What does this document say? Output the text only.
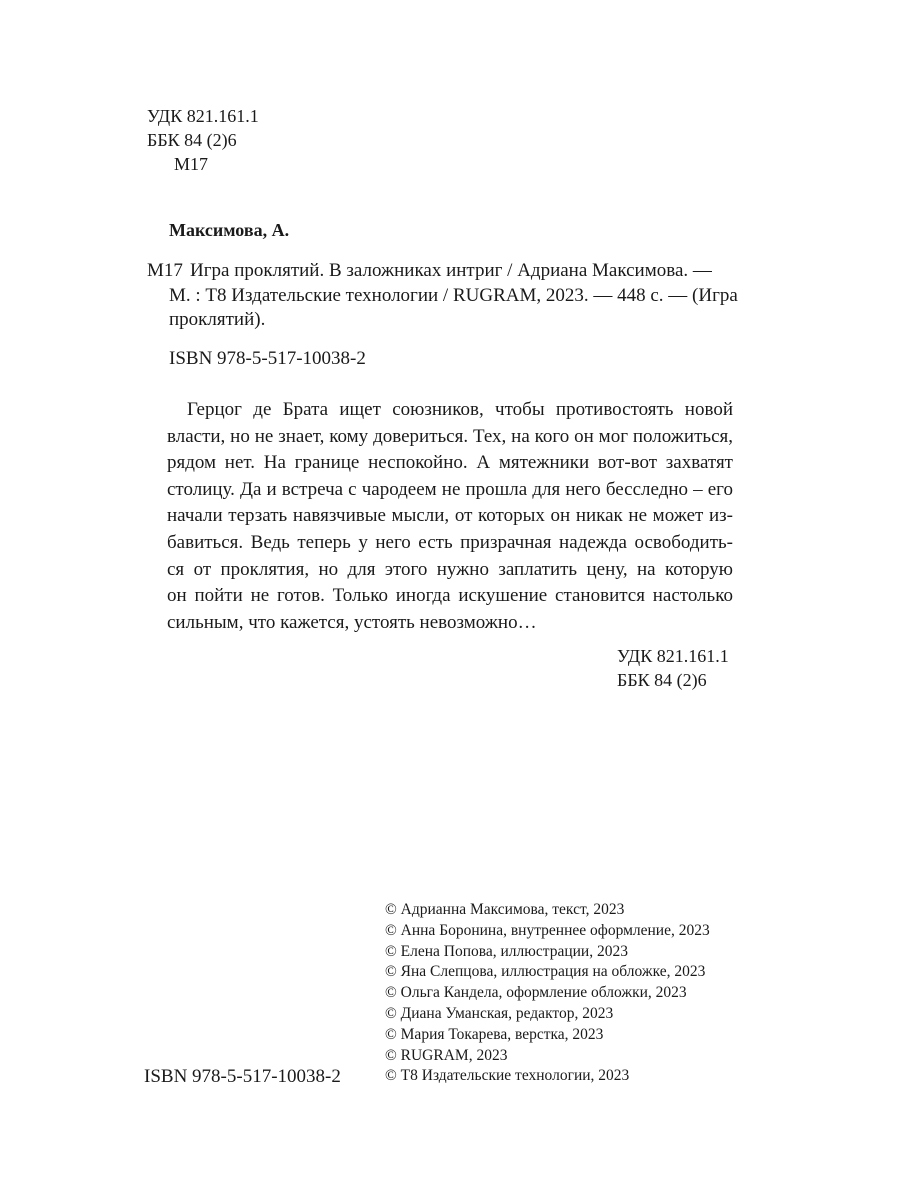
УДК 821.161.1
ББК 84 (2)6
М17
Максимова, А.
М17 Игра проклятий. В заложниках интриг / Адриана Максимова. —
М. : Т8 Издательские технологии / RUGRAM, 2023. — 448 с. — (Игра
проклятий).
ISBN 978-5-517-10038-2
Герцог де Брата ищет союзников, чтобы противостоять новой
власти, но не знает, кому довериться. Тех, на кого он мог положиться,
рядом нет. На границе неспокойно. А мятежники вот-вот захватят
столицу. Да и встреча с чародеем не прошла для него бесследно – его
начали терзать навязчивые мысли, от которых он никак не может из-
бавиться. Ведь теперь у него есть призрачная надежда освободить-
ся от проклятия, но для этого нужно заплатить цену, на которую
он пойти не готов. Только иногда искушение становится настолько
сильным, что кажется, устоять невозможно…
УДК 821.161.1
ББК 84 (2)6
© Адрианна Максимова, текст, 2023
© Анна Боронина, внутреннее оформление, 2023
© Елена Попова, иллюстрации, 2023
© Яна Слепцова, иллюстрация на обложке, 2023
© Ольга Кандела, оформление обложки, 2023
© Диана Уманская, редактор, 2023
© Мария Токарева, верстка, 2023
© RUGRAM, 2023
© Т8 Издательские технологии, 2023
ISBN 978-5-517-10038-2
